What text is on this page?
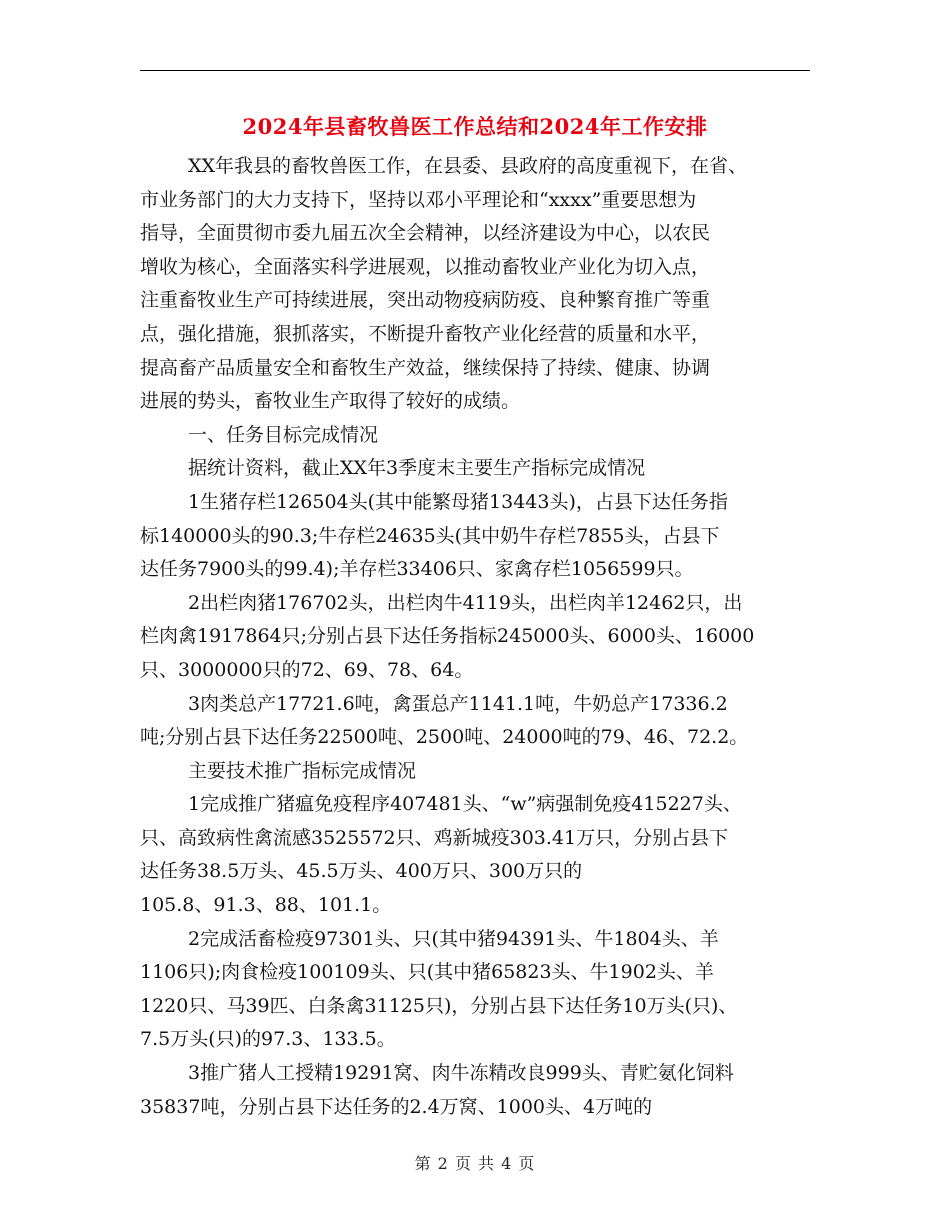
2024年县畜牧兽医工作总结和2024年工作安排
XX年我县的畜牧兽医工作，在县委、县政府的高度重视下，在省、
市业务部门的大力支持下，坚持以邓小平理论和“xxxx”重要思想为
指导，全面贯彻市委九届五次全会精神，以经济建设为中心，以农民
增收为核心，全面落实科学进展观，以推动畜牧业产业化为切入点，
注重畜牧业生产可持续进展，突出动物疫病防疫、良种繁育推广等重
点，强化措施，狠抓落实，不断提升畜牧产业化经营的质量和水平，
提高畜产品质量安全和畜牧生产效益，继续保持了持续、健康、协调
进展的势头，畜牧业生产取得了较好的成绩。
一、任务目标完成情况
据统计资料，截止XX年3季度末主要生产指标完成情况
1生猪存栏126504头(其中能繁母猪13443头)，占县下达任务指
标140000头的90.3;牛存栏24635头(其中奶牛存栏7855头，占县下
达任务7900头的99.4);羊存栏33406只、家禽存栏1056599只。
2出栏肉猪176702头，出栏肉牛4119头，出栏肉羊12462只，出
栏肉禽1917864只;分别占县下达任务指标245000头、6000头、16000
只、3000000只的72、69、78、64。
3肉类总产17721.6吨，禽蛋总产1141.1吨，牛奶总产17336.2
吨;分别占县下达任务22500吨、2500吨、24000吨的79、46、72.2。
主要技术推广指标完成情况
1完成推广猪瘟免疫程序407481头、“w”病强制免疫415227头、
只、高致病性禽流感3525572只、鸡新城疫303.41万只，分别占县下
达任务38.5万头、45.5万头、400万只、300万只的
105.8、91.3、88、101.1。
2完成活畜检疫97301头、只(其中猪94391头、牛1804头、羊
1106只);肉食检疫100109头、只(其中猪65823头、牛1902头、羊
1220只、马39匹、白条禽31125只)，分别占县下达任务10万头(只)、
7.5万头(只)的97.3、133.5。
3推广猪人工授精19291窝、肉牛冻精改良999头、青贮氨化饲料
35837吨，分别占县下达任务的2.4万窝、1000头、4万吨的
第 2 页 共 4 页
